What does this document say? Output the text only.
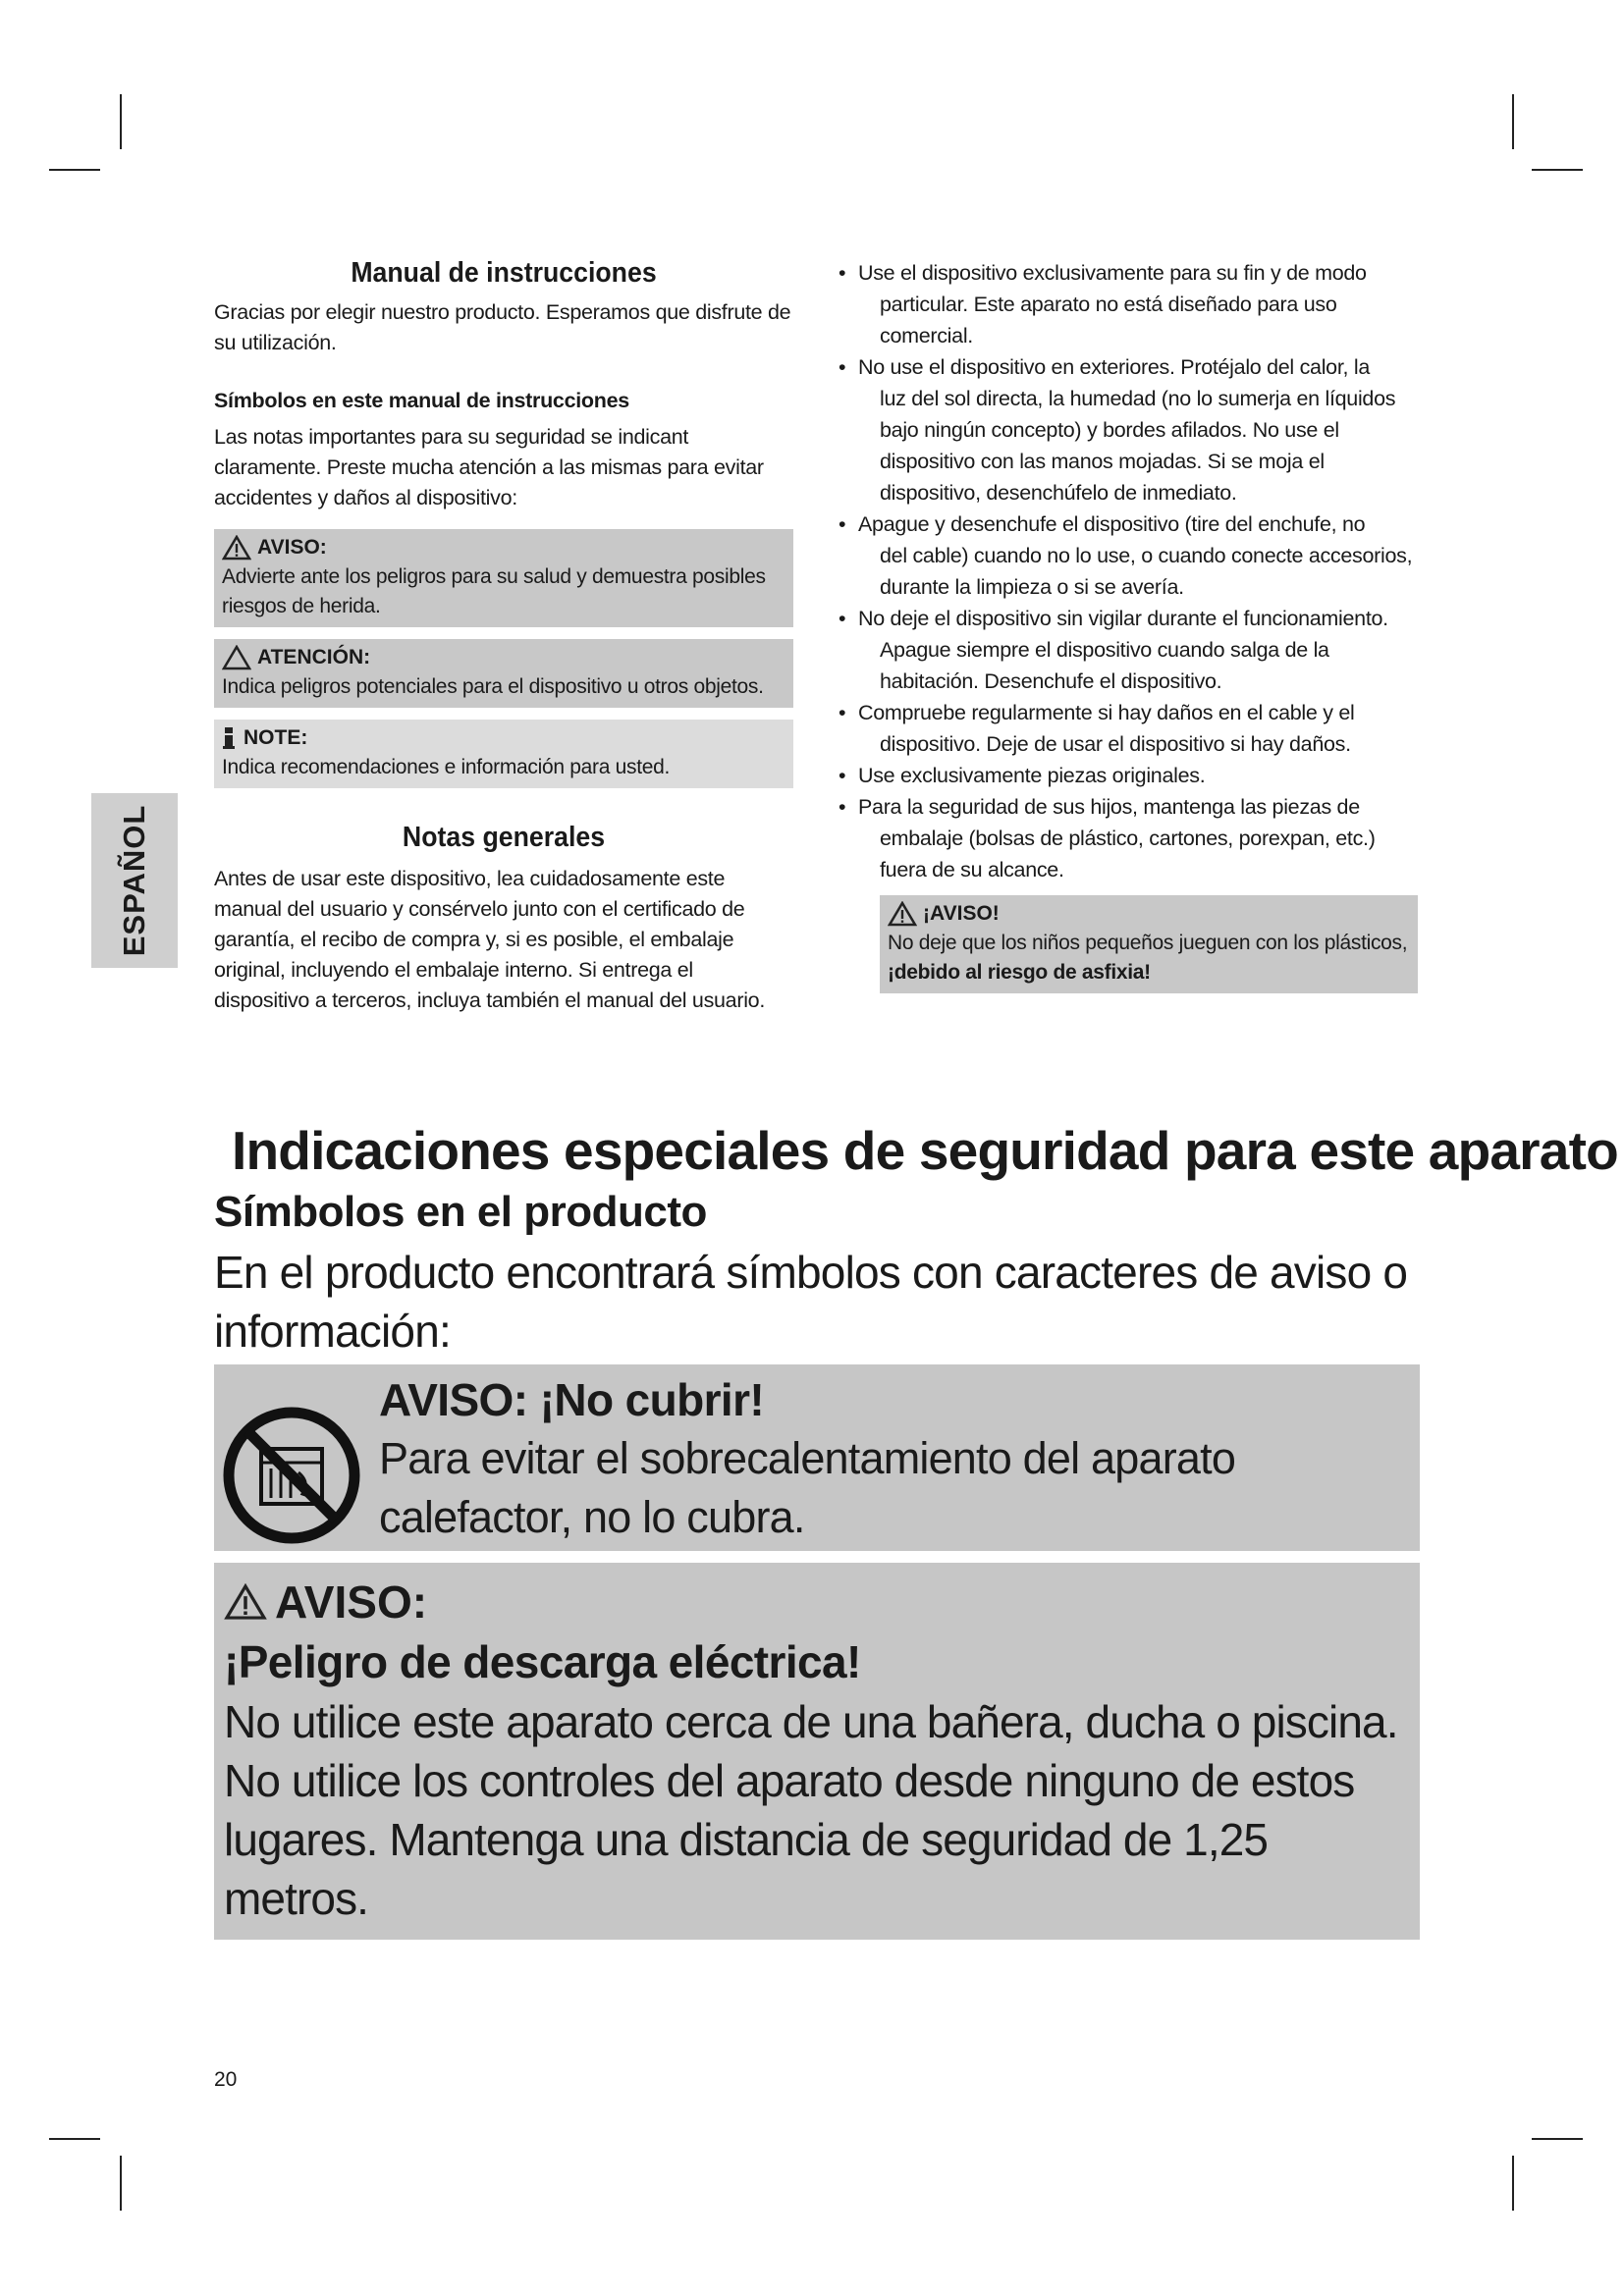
ESPAÑOL
Manual de instrucciones

Gracias por elegir nuestro producto. Esperamos que disfrute de su utilización.

Símbolos en este manual de instrucciones

Las notas importantes para su seguridad se indicant claramente. Preste mucha atención a las mismas para evitar accidentes y daños al dispositivo:

AVISO:
Advierte ante los peligros para su salud y demuestra posibles riesgos de herida.
ATENCIÓN:
Indica peligros potenciales para el dispositivo u otros objetos.
NOTE:
Indica recomendaciones e información para usted.
Notas generales

Antes de usar este dispositivo, lea cuidadosamente este manual del usuario y consérvelo junto con el certificado de garantía, el recibo de compra y, si es posible, el embalaje original, incluyendo el embalaje interno. Si entrega el dispositivo a terceros, incluya también el manual del usuario.

• Use el dispositivo exclusivamente para su fin y de modo
particular. Este aparato no está diseñado para uso comercial.
• No use el dispositivo en exteriores. Protéjalo del calor, la
luz del sol directa, la humedad (no lo sumerja en líquidos bajo ningún concepto) y bordes afilados. No use el dispositivo con las manos mojadas. Si se moja el dispositivo, desenchúfelo de inmediato.
• Apague y desenchufe el dispositivo (tire del enchufe, no
del cable) cuando no lo use, o cuando conecte accesorios, durante la limpieza o si se avería.
• No deje el dispositivo sin vigilar durante el funcionamiento.
Apague siempre el dispositivo cuando salga de la habitación. Desenchufe el dispositivo.
• Compruebe regularmente si hay daños en el cable y el
dispositivo. Deje de usar el dispositivo si hay daños.
• Use exclusivamente piezas originales.
• Para la seguridad de sus hijos, mantenga las piezas de
embalaje (bolsas de plástico, cartones, porexpan, etc.) fuera de su alcance.
¡AVISO!
No deje que los niños pequeños jueguen con los plásticos, ¡debido al riesgo de asfixia!
Indicaciones especiales de seguridad para este aparato
Símbolos en el producto

En el producto encontrará símbolos con caracteres de aviso o información:

AVISO: ¡No cubrir!
Para evitar el sobrecalentamiento del aparato calefactor, no lo cubra.
AVISO:
¡Peligro de descarga eléctrica!
No utilice este aparato cerca de una bañera, ducha o piscina. No utilice los controles del aparato desde ninguno de estos lugares. Mantenga una distancia de seguridad de 1,25 metros.
20
